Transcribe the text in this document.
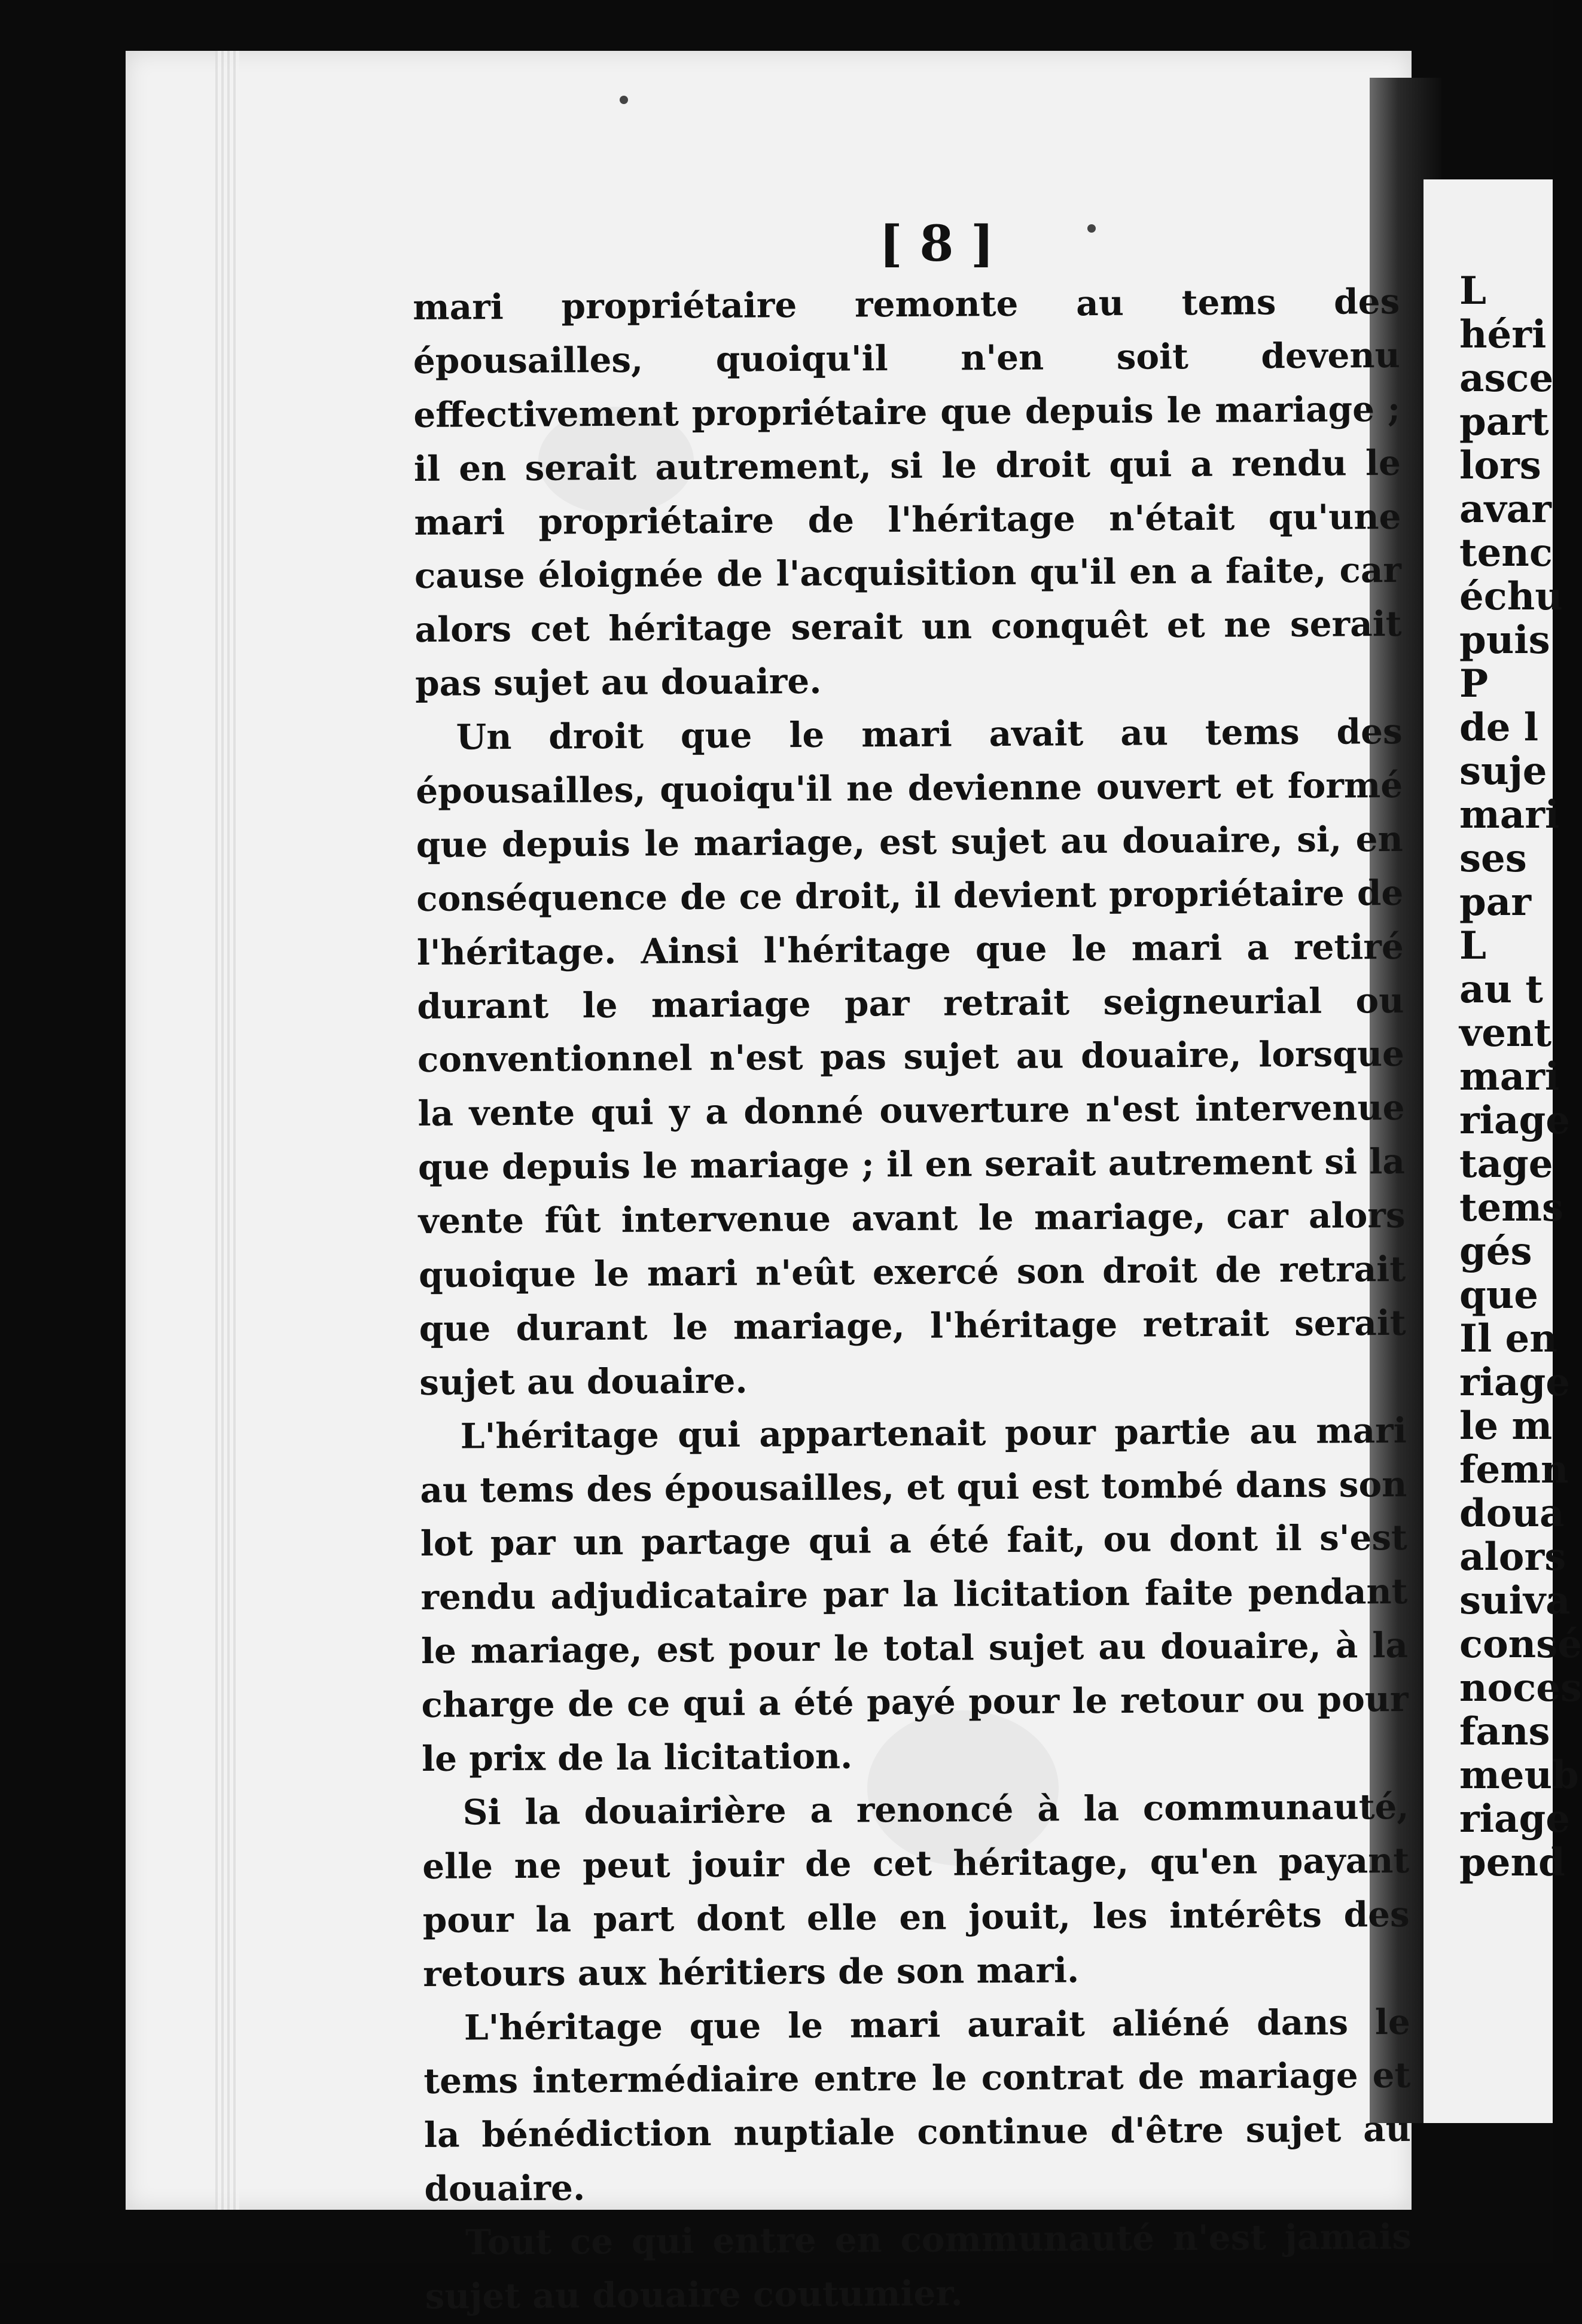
[ 8 ]

mari propriétaire remonte au tems des épousailles, quoiqu'il n'en soit devenu effectivement propriétaire que depuis le mariage ; il en serait autrement, si le droit qui a rendu le mari propriétaire de l'héritage n'était qu'une cause éloignée de l'acquisition qu'il en a faite, car alors cet héritage serait un conquêt et ne serait pas sujet au douaire.

Un droit que le mari avait au tems des épousailles, quoiqu'il ne devienne ouvert et formé que depuis le mariage, est sujet au douaire, si, en conséquence de ce droit, il devient propriétaire de l'héritage. Ainsi l'héritage que le mari a retiré durant le mariage par retrait seigneurial ou conventionnel n'est pas sujet au douaire, lorsque la vente qui y a donné ouverture n'est intervenue que depuis le mariage ; il en serait autrement si la vente fût intervenue avant le mariage, car alors quoique le mari n'eût exercé son droit de retrait que durant le mariage, l'héritage retrait serait sujet au douaire.

L'héritage qui appartenait pour partie au mari au tems des épousailles, et qui est tombé dans son lot par un partage qui a été fait, ou dont il s'est rendu adjudicataire par la licitation faite pendant le mariage, est pour le total sujet au douaire, à la charge de ce qui a été payé pour le retour ou pour le prix de la licitation.

Si la douairière a renoncé à la communauté, elle ne peut jouir de cet héritage, qu'en payant pour la part dont elle en jouit, les intérêts des retours aux héritiers de son mari.

L'héritage que le mari aurait aliéné dans le tems intermédiaire entre le contrat de mariage et la bénédiction nuptiale continue d'être sujet au douaire.

Tout ce qui entre en communauté n'est jamais sujet au douaire coutumier.

L
héri
asce
part
lors
avar
tenc
échu
puis
P
de l
suje
mari
ses
par
L
au t
vent
mari
riage
tage
tems
gés
que
Il en
riage
le m
femn
doua
alors
suiva
consé
noces
fans
meub
riage
pend
